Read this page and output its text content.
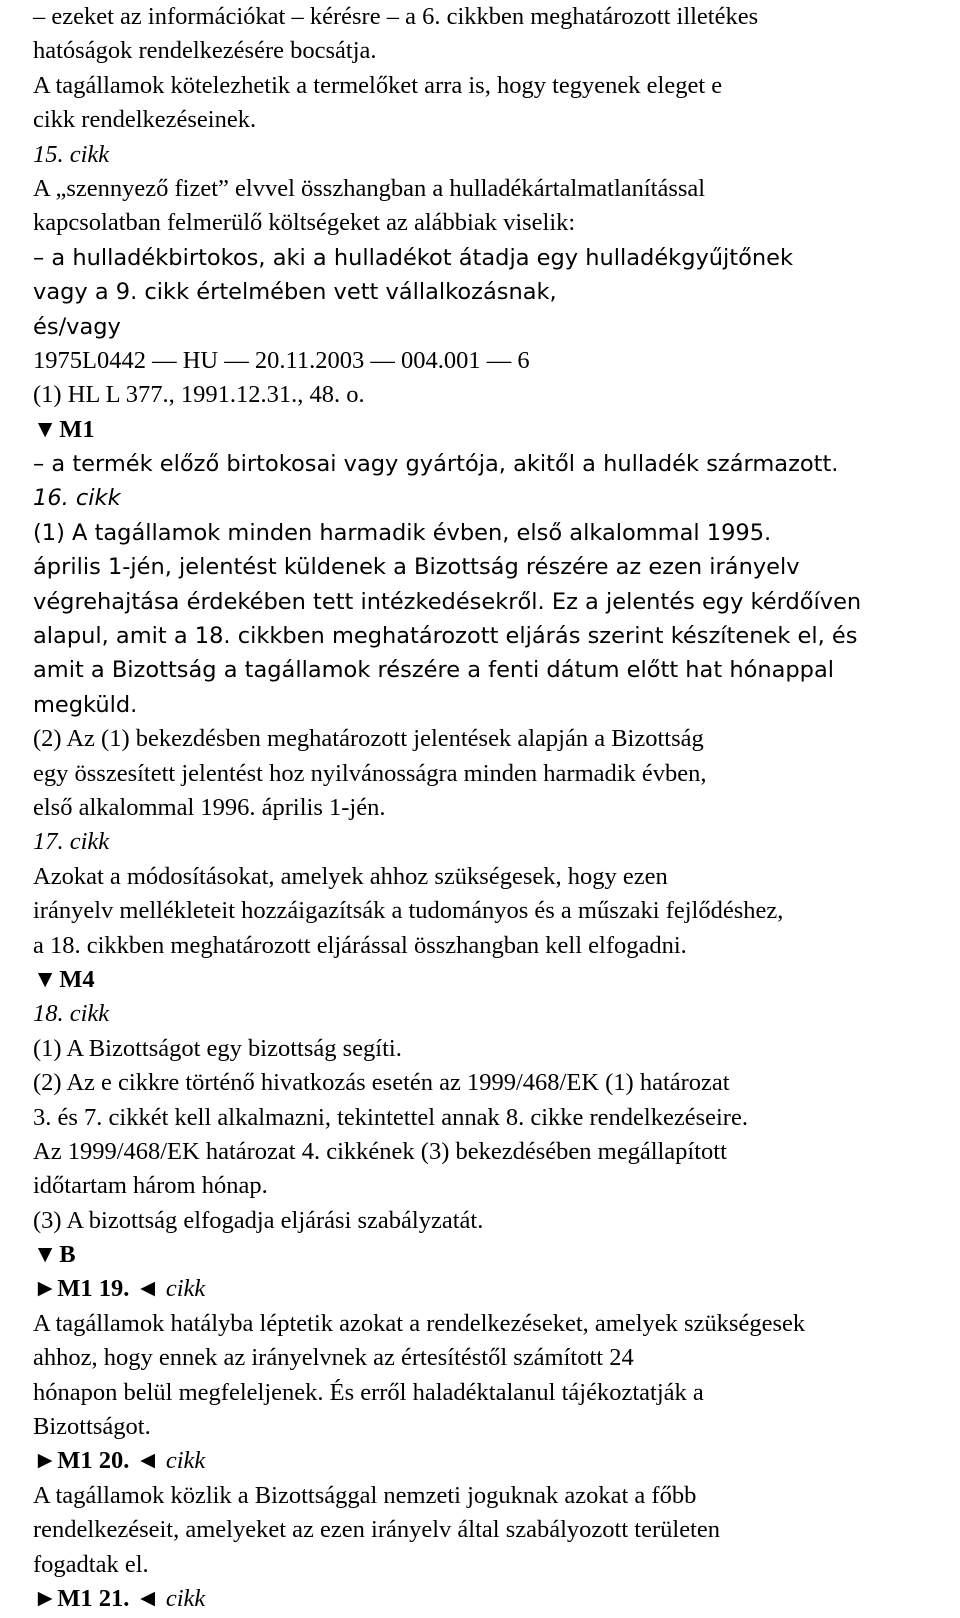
– ezeket az információkat – kérésre – a 6. cikkben meghatározott illetékes
hatóságok rendelkezésére bocsátja.
A tagállamok kötelezhetik a termelőket arra is, hogy tegyenek eleget e
cikk rendelkezéseinek.
15. cikk
A „szennyező fizet” elvvel összhangban a hulladékártalmatlanítással
kapcsolatban felmerülő költségeket az alábbiak viselik:
– a hulladékbirtokos, aki a hulladékot átadja egy hulladékgyűjtőnek
vagy a 9. cikk értelmében vett vállalkozásnak,
és/vagy
1975L0442 — HU — 20.11.2003 — 004.001 — 6
(1) HL L 377., 1991.12.31., 48. o.
▼M1
– a termék előző birtokosai vagy gyártója, akitől a hulladék származott.
16. cikk
(1) A tagállamok minden harmadik évben, első alkalommal 1995.
április 1-jén, jelentést küldenek a Bizottság részére az ezen irányelv
végrehajtása érdekében tett intézkedésekről. Ez a jelentés egy kérdőíven
alapul, amit a 18. cikkben meghatározott eljárás szerint készítenek el, és
amit a Bizottság a tagállamok részére a fenti dátum előtt hat hónappal
megküld.
(2) Az (1) bekezdésben meghatározott jelentések alapján a Bizottság
egy összesített jelentést hoz nyilvánosságra minden harmadik évben,
első alkalommal 1996. április 1-jén.
17. cikk
Azokat a módosításokat, amelyek ahhoz szükségesek, hogy ezen
irányelv mellékleteit hozzáigazítsák a tudományos és a műszaki fejlődéshez,
a 18. cikkben meghatározott eljárással összhangban kell elfogadni.
▼M4
18. cikk
(1) A Bizottságot egy bizottság segíti.
(2) Az e cikkre történő hivatkozás esetén az 1999/468/EK (1) határozat
3. és 7. cikkét kell alkalmazni, tekintettel annak 8. cikke rendelkezéseire.
Az 1999/468/EK határozat 4. cikkének (3) bekezdésében megállapított
időtartam három hónap.
(3) A bizottság elfogadja eljárási szabályzatát.
▼B
►M1 19. ◄ cikk
A tagállamok hatályba léptetik azokat a rendelkezéseket, amelyek szükségesek
ahhoz, hogy ennek az irányelvnek az értesítéstől számított 24
hónapon belül megfeleljenek. És erről haladéktalanul tájékoztatják a
Bizottságot.
►M1 20. ◄ cikk
A tagállamok közlik a Bizottsággal nemzeti joguknak azokat a főbb
rendelkezéseit, amelyeket az ezen irányelv által szabályozott területen
fogadtak el.
►M1 21. ◄ cikk
